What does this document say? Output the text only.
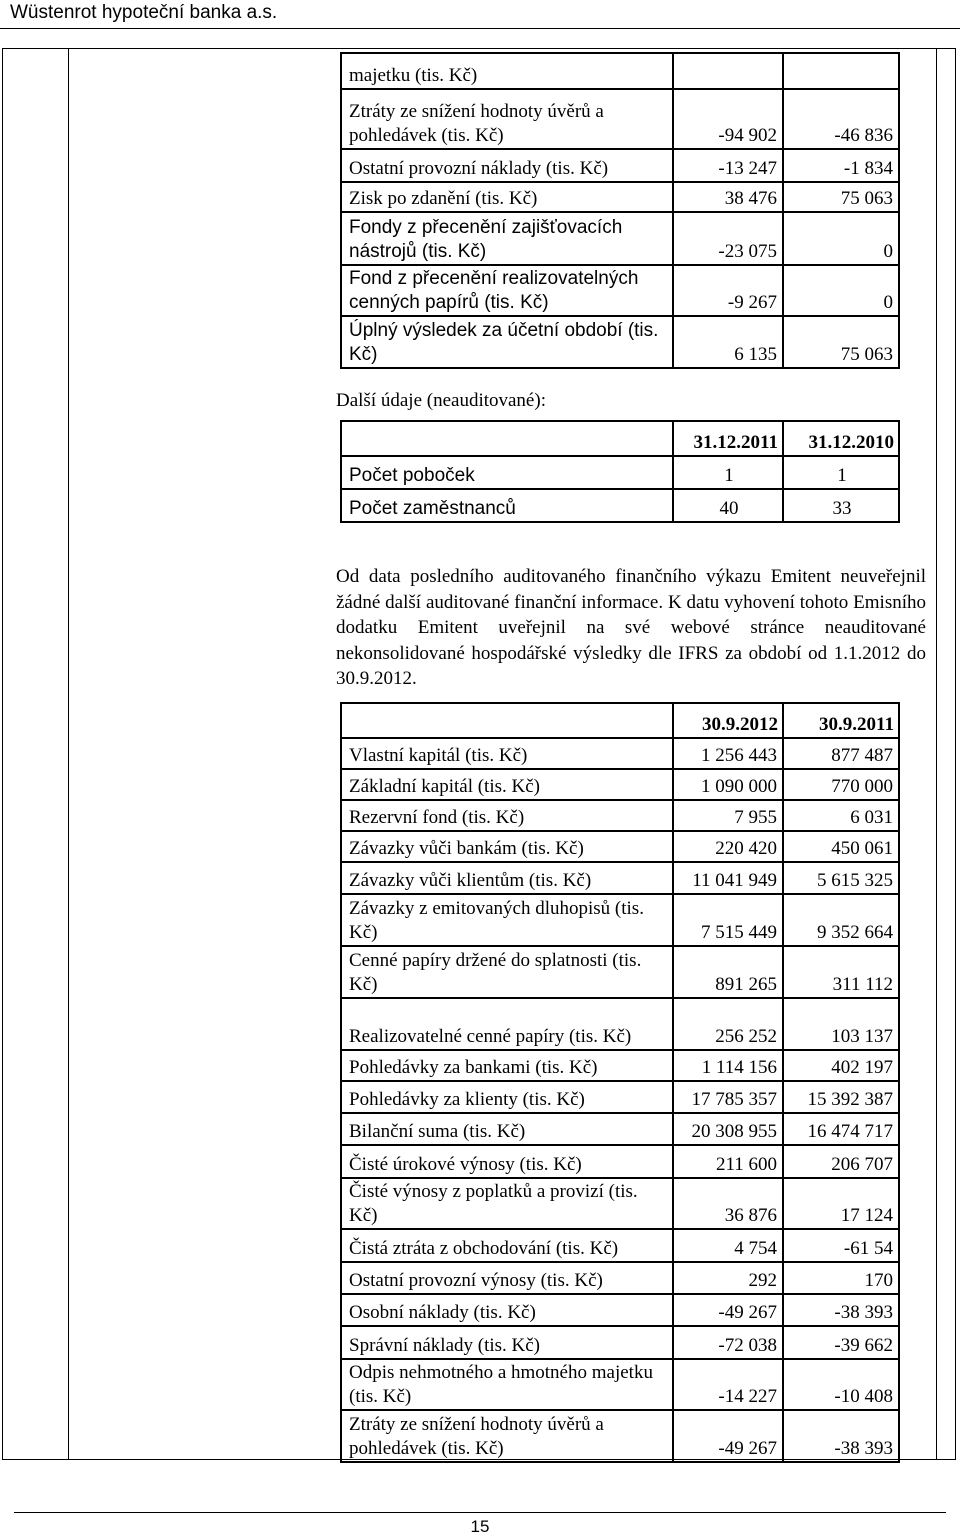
Wüstenrot hypoteční banka a.s.
majetku (tis. Kč)		
Ztráty ze snížení hodnoty úvěrů a pohledávek (tis. Kč)	-94 902	-46 836
Ostatní provozní náklady (tis. Kč)	-13 247	-1 834
Zisk po zdanění (tis. Kč)	38 476	75 063
Fondy z přecenění zajišťovacích nástrojů (tis. Kč)	-23 075	0
Fond z přecenění realizovatelných cenných papírů (tis. Kč)	-9 267	0
Úplný výsledek za účetní období (tis. Kč)	6 135	75 063
Další údaje (neauditované):
	31.12.2011	31.12.2010
Počet poboček	1	1
Počet zaměstnanců	40	33
Od data posledního auditovaného finančního výkazu Emitent neuveřejnil žádné další auditované finanční informace. K datu vyhovení tohoto Emisního dodatku Emitent uveřejnil na své webové stránce neauditované nekonsolidované hospodářské výsledky dle IFRS za období od 1.1.2012 do 30.9.2012.
	30.9.2012	30.9.2011
Vlastní kapitál (tis. Kč)	1 256 443	877 487
Základní kapitál (tis. Kč)	1 090 000	770 000
Rezervní fond (tis. Kč)	7 955	6 031
Závazky vůči bankám (tis. Kč)	220 420	450 061
Závazky vůči klientům (tis. Kč)	11 041 949	5 615 325
Závazky z emitovaných dluhopisů (tis. Kč)	7 515 449	9 352 664
Cenné papíry držené do splatnosti (tis. Kč)	891 265	311 112
Realizovatelné cenné papíry (tis. Kč)	256 252	103 137
Pohledávky za bankami (tis. Kč)	1 114 156	402 197
Pohledávky za klienty (tis. Kč)	17 785 357	15 392 387
Bilanční suma (tis. Kč)	20 308 955	16 474 717
Čisté úrokové výnosy (tis. Kč)	211 600	206 707
Čisté výnosy z poplatků a provizí (tis. Kč)	36 876	17 124
Čistá ztráta z obchodování (tis. Kč)	4 754	-61 54
Ostatní provozní výnosy (tis. Kč)	292	170
Osobní náklady (tis. Kč)	-49 267	-38 393
Správní náklady (tis. Kč)	-72 038	-39 662
Odpis nehmotného a hmotného majetku (tis. Kč)	-14 227	-10 408
Ztráty ze snížení hodnoty úvěrů a pohledávek (tis. Kč)	-49 267	-38 393
15
